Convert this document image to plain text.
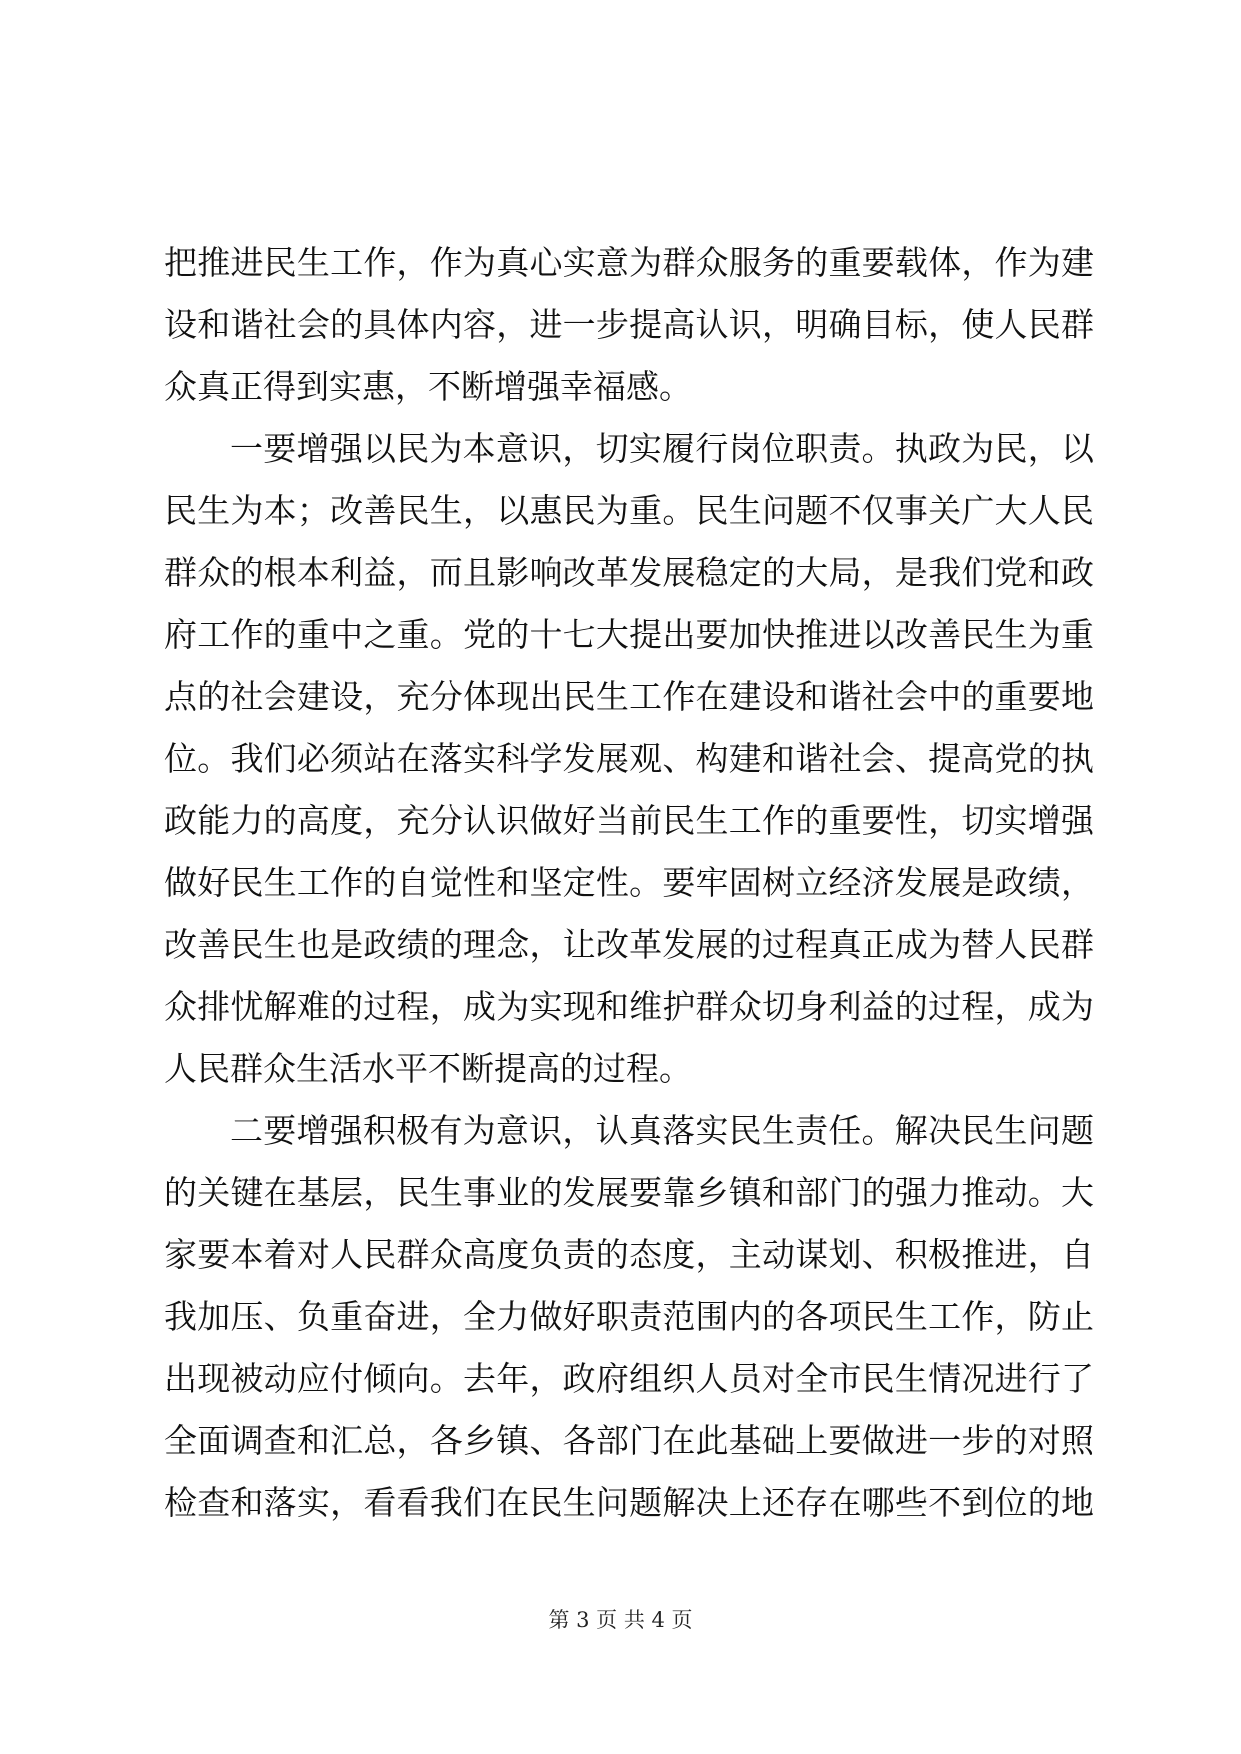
把推进民生工作，作为真心实意为群众服务的重要载体，作为建
设和谐社会的具体内容，进一步提高认识，明确目标，使人民群
众真正得到实惠，不断增强幸福感。
一要增强以民为本意识，切实履行岗位职责。执政为民，以
民生为本；改善民生，以惠民为重。民生问题不仅事关广大人民
群众的根本利益，而且影响改革发展稳定的大局，是我们党和政
府工作的重中之重。党的十七大提出要加快推进以改善民生为重
点的社会建设，充分体现出民生工作在建设和谐社会中的重要地
位。我们必须站在落实科学发展观、构建和谐社会、提高党的执
政能力的高度，充分认识做好当前民生工作的重要性，切实增强
做好民生工作的自觉性和坚定性。要牢固树立经济发展是政绩，
改善民生也是政绩的理念，让改革发展的过程真正成为替人民群
众排忧解难的过程，成为实现和维护群众切身利益的过程，成为
人民群众生活水平不断提高的过程。
二要增强积极有为意识，认真落实民生责任。解决民生问题
的关键在基层，民生事业的发展要靠乡镇和部门的强力推动。大
家要本着对人民群众高度负责的态度，主动谋划、积极推进，自
我加压、负重奋进，全力做好职责范围内的各项民生工作，防止
出现被动应付倾向。去年，政府组织人员对全市民生情况进行了
全面调查和汇总，各乡镇、各部门在此基础上要做进一步的对照
检查和落实，看看我们在民生问题解决上还存在哪些不到位的地
第 3 页 共 4 页
